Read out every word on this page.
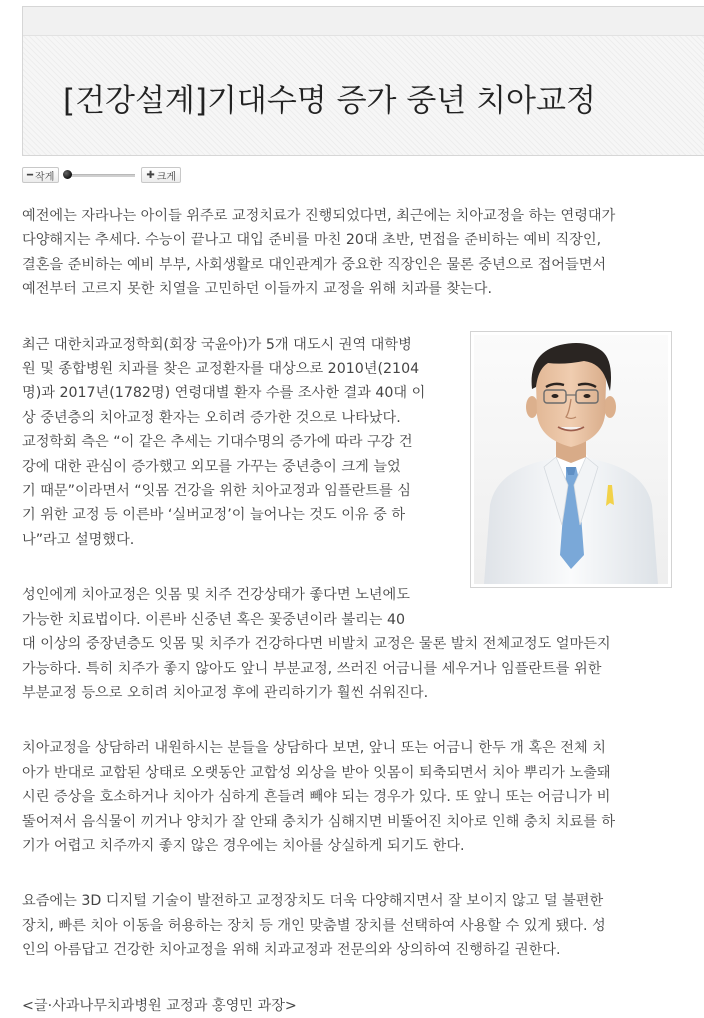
[건강설계]기대수명 증가 중년 치아교정
━ 작게	✚ 크게

예전에는 자라나는 아이들 위주로 교정치료가 진행되었다면, 최근에는 치아교정을 하는 연령대가
다양해지는 추세다. 수능이 끝나고 대입 준비를 마친 20대 초반, 면접을 준비하는 예비 직장인,
결혼을 준비하는 예비 부부, 사회생활로 대인관계가 중요한 직장인은 물론 중년으로 접어들면서
예전부터 고르지 못한 치열을 고민하던 이들까지 교정을 위해 치과를 찾는다.

최근 대한치과교정학회(회장 국윤아)가 5개 대도시 권역 대학병
원 및 종합병원 치과를 찾은 교정환자를 대상으로 2010년(2104
명)과 2017년(1782명) 연령대별 환자 수를 조사한 결과 40대 이
상 중년층의 치아교정 환자는 오히려 증가한 것으로 나타났다.
교정학회 측은 “이 같은 추세는 기대수명의 증가에 따라 구강 건
강에 대한 관심이 증가했고 외모를 가꾸는 중년층이 크게 늘었
기 때문”이라면서 “잇몸 건강을 위한 치아교정과 임플란트를 심
기 위한 교정 등 이른바 ‘실버교정’이 늘어나는 것도 이유 중 하
나”라고 설명했다.

성인에게 치아교정은 잇몸 및 치주 건강상태가 좋다면 노년에도
가능한 치료법이다. 이른바 신중년 혹은 꽃중년이라 불리는 40
대 이상의 중장년층도 잇몸 및 치주가 건강하다면 비발치 교정은 물론 발치 전체교정도 얼마든지
가능하다. 특히 치주가 좋지 않아도 앞니 부분교정, 쓰러진 어금니를 세우거나 임플란트를 위한
부분교정 등으로 오히려 치아교정 후에 관리하기가 훨씬 쉬워진다.

치아교정을 상담하러 내원하시는 분들을 상담하다 보면, 앞니 또는 어금니 한두 개 혹은 전체 치
아가 반대로 교합된 상태로 오랫동안 교합성 외상을 받아 잇몸이 퇴축되면서 치아 뿌리가 노출돼
시린 증상을 호소하거나 치아가 심하게 흔들려 빼야 되는 경우가 있다. 또 앞니 또는 어금니가 비
뚤어져서 음식물이 끼거나 양치가 잘 안돼 충치가 심해지면 비뚤어진 치아로 인해 충치 치료를 하
기가 어렵고 치주까지 좋지 않은 경우에는 치아를 상실하게 되기도 한다.

요즘에는 3D 디지털 기술이 발전하고 교정장치도 더욱 다양해지면서 잘 보이지 않고 덜 불편한
장치, 빠른 치아 이동을 허용하는 장치 등 개인 맞춤별 장치를 선택하여 사용할 수 있게 됐다. 성
인의 아름답고 건강한 치아교정을 위해 치과교정과 전문의와 상의하여 진행하길 권한다.

<글·사과나무치과병원 교정과 홍영민 과장>
